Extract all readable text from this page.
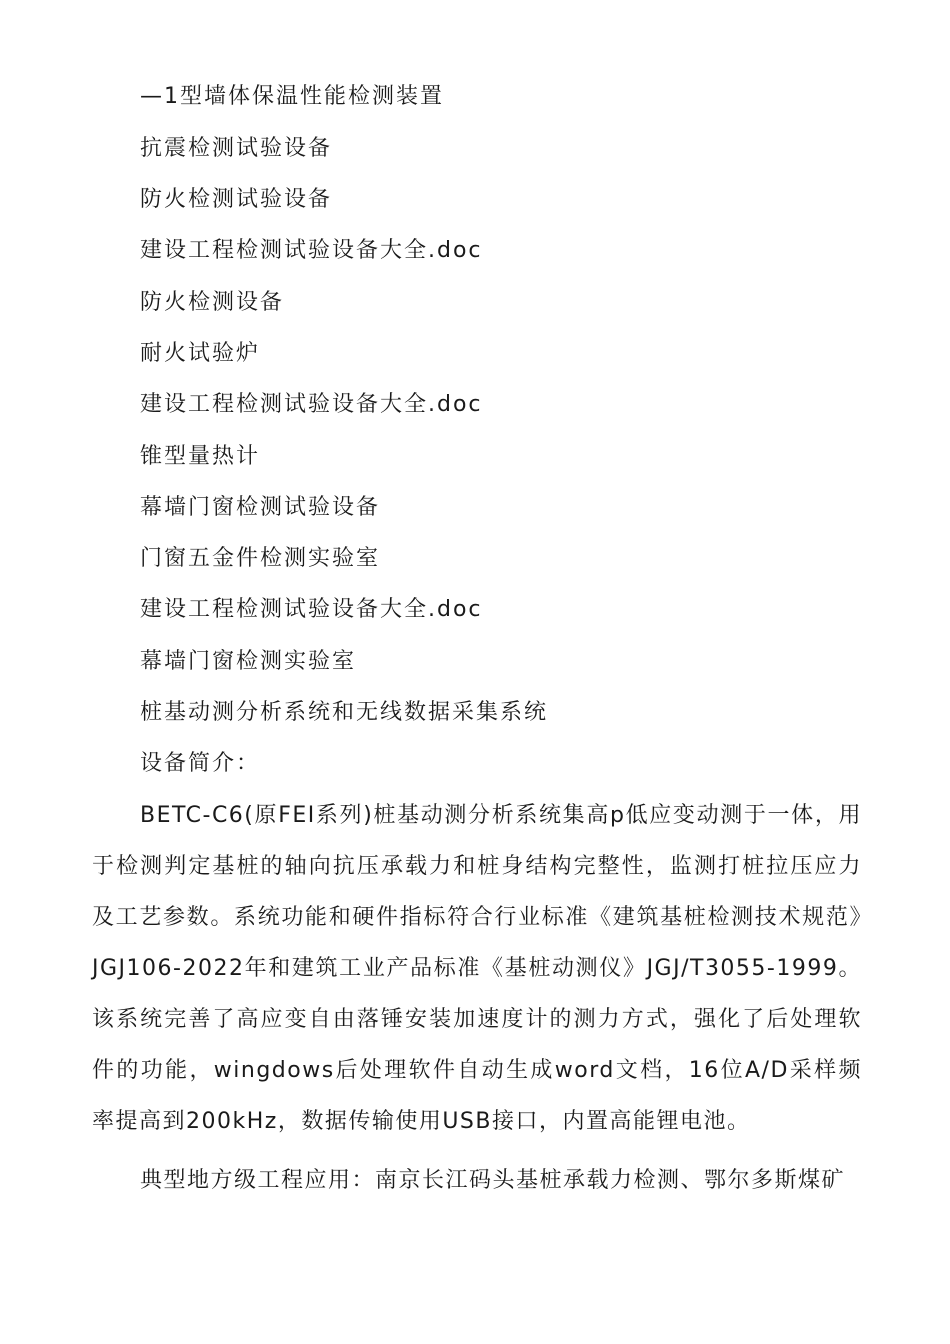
—1型墙体保温性能检测装置
抗震检测试验设备
防火检测试验设备
建设工程检测试验设备大全.doc
防火检测设备
耐火试验炉
建设工程检测试验设备大全.doc
锥型量热计
幕墙门窗检测试验设备
门窗五金件检测实验室
建设工程检测试验设备大全.doc
幕墙门窗检测实验室
桩基动测分析系统和无线数据采集系统
设备简介：
BETC-C6(原FEI系列)桩基动测分析系统集高p低应变动测于一体，用于检测判定基桩的轴向抗压承载力和桩身结构完整性，监测打桩拉压应力及工艺参数。系统功能和硬件指标符合行业标准《建筑基桩检测技术规范》JGJ106-2022年和建筑工业产品标准《基桩动测仪》JGJ/T3055-1999。该系统完善了高应变自由落锤安装加速度计的测力方式，强化了后处理软件的功能，wingdows后处理软件自动生成word文档，16位A/D采样频率提高到200kHz，数据传输使用USB接口，内置高能锂电池。
典型地方级工程应用：南京长江码头基桩承载力检测、鄂尔多斯煤矿
